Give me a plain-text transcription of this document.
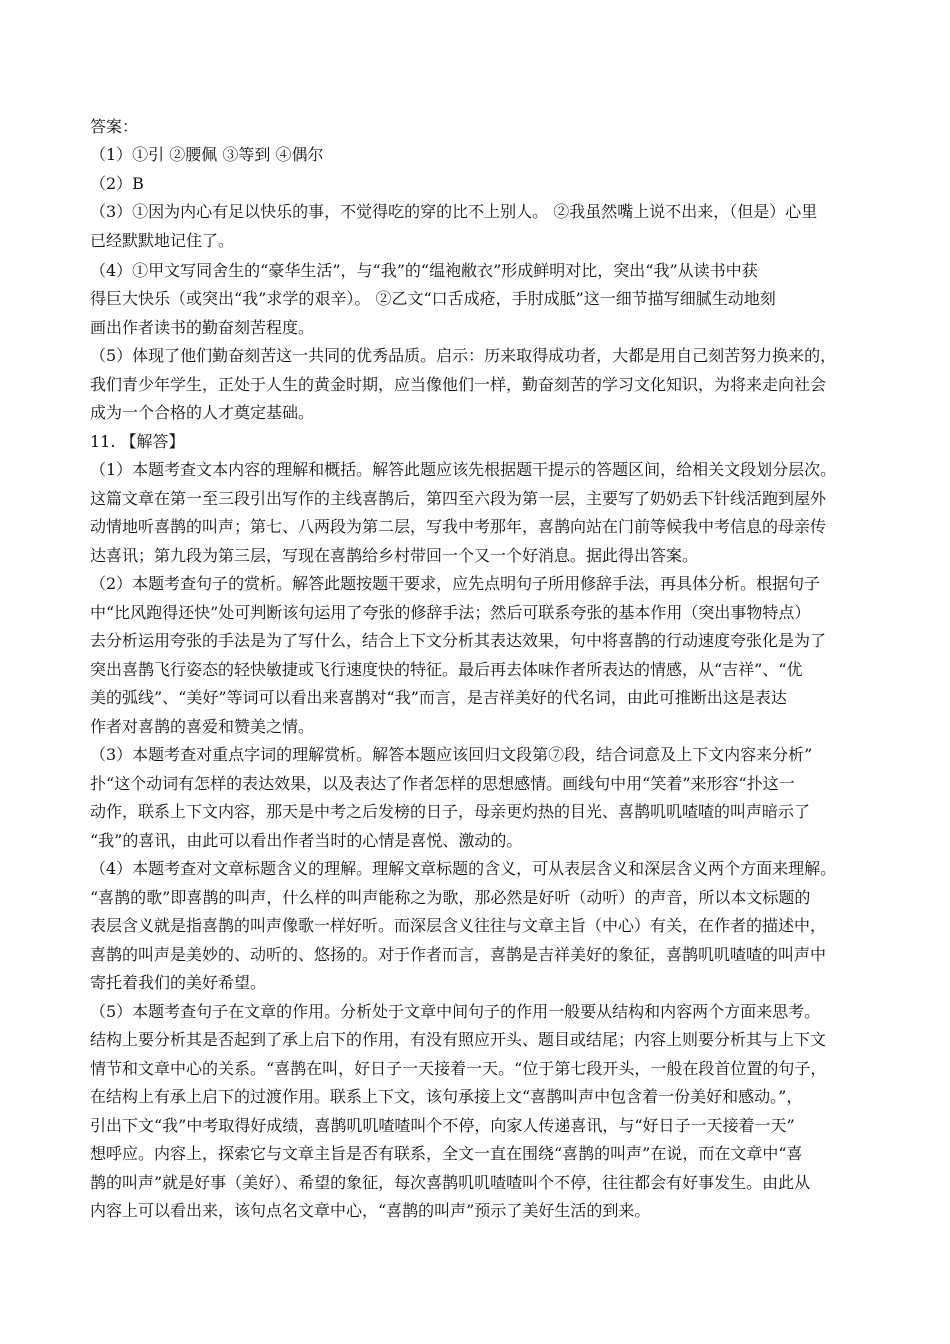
答案：
（1）①引 ②腰佩 ③等到 ④偶尔
（2）B
（3）①因为内心有足以快乐的事，不觉得吃的穿的比不上别人。 ②我虽然嘴上说不出来，（但是）心里
已经默默地记住了。
（4）①甲文写同舍生的“豪华生活”，与“我”的“缊袍敝衣”形成鲜明对比，突出“我”从读书中获
得巨大快乐（或突出“我”求学的艰辛）。 ②乙文“口舌成疮，手肘成胝”这一细节描写细腻生动地刻
画出作者读书的勤奋刻苦程度。
（5）体现了他们勤奋刻苦这一共同的优秀品质。启示：历来取得成功者，大都是用自己刻苦努力换来的，
我们青少年学生，正处于人生的黄金时期，应当像他们一样，勤奋刻苦的学习文化知识，为将来走向社会
成为一个合格的人才奠定基础。
11. 【解答】
（1）本题考查文本内容的理解和概括。解答此题应该先根据题干提示的答题区间，给相关文段划分层次。
这篇文章在第一至三段引出写作的主线喜鹊后，第四至六段为第一层，主要写了奶奶丢下针线活跑到屋外
动情地听喜鹊的叫声；第七、八两段为第二层，写我中考那年，喜鹊向站在门前等候我中考信息的母亲传
达喜讯；第九段为第三层，写现在喜鹊给乡村带回一个又一个好消息。据此得出答案。
（2）本题考查句子的赏析。解答此题按题干要求，应先点明句子所用修辞手法，再具体分析。根据句子
中“比风跑得还快”处可判断该句运用了夸张的修辞手法；然后可联系夸张的基本作用（突出事物特点）
去分析运用夸张的手法是为了写什么，结合上下文分析其表达效果，句中将喜鹊的行动速度夸张化是为了
突出喜鹊飞行姿态的轻快敏捷或飞行速度快的特征。最后再去体味作者所表达的情感，从“吉祥”、“优
美的弧线”、“美好”等词可以看出来喜鹊对“我”而言，是吉祥美好的代名词，由此可推断出这是表达
作者对喜鹊的喜爱和赞美之情。
（3）本题考查对重点字词的理解赏析。解答本题应该回归文段第⑦段，结合词意及上下文内容来分析”
扑“这个动词有怎样的表达效果，以及表达了作者怎样的思想感情。画线句中用“笑着”来形容“扑这一
动作，联系上下文内容，那天是中考之后发榜的日子，母亲更灼热的目光、喜鹊叽叽喳喳的叫声暗示了
“我”的喜讯，由此可以看出作者当时的心情是喜悦、激动的。
（4）本题考查对文章标题含义的理解。理解文章标题的含义，可从表层含义和深层含义两个方面来理解。
“喜鹊的歌”即喜鹊的叫声，什么样的叫声能称之为歌，那必然是好听（动听）的声音，所以本文标题的
表层含义就是指喜鹊的叫声像歌一样好听。而深层含义往往与文章主旨（中心）有关，在作者的描述中，
喜鹊的叫声是美妙的、动听的、悠扬的。对于作者而言，喜鹊是吉祥美好的象征，喜鹊叽叽喳喳的叫声中
寄托着我们的美好希望。
（5）本题考查句子在文章的作用。分析处于文章中间句子的作用一般要从结构和内容两个方面来思考。
结构上要分析其是否起到了承上启下的作用，有没有照应开头、题目或结尾；内容上则要分析其与上下文
情节和文章中心的关系。“喜鹊在叫，好日子一天接着一天。“位于第七段开头，一般在段首位置的句子，
在结构上有承上启下的过渡作用。联系上下文，该句承接上文“喜鹊叫声中包含着一份美好和感动。”，
引出下文“我”中考取得好成绩，喜鹊叽叽喳喳叫个不停，向家人传递喜讯，与“好日子一天接着一天”
想呼应。内容上，探索它与文章主旨是否有联系，全文一直在围绕“喜鹊的叫声”在说，而在文章中“喜
鹊的叫声”就是好事（美好）、希望的象征，每次喜鹊叽叽喳喳叫个不停，往往都会有好事发生。由此从
内容上可以看出来，该句点名文章中心，“喜鹊的叫声”预示了美好生活的到来。
